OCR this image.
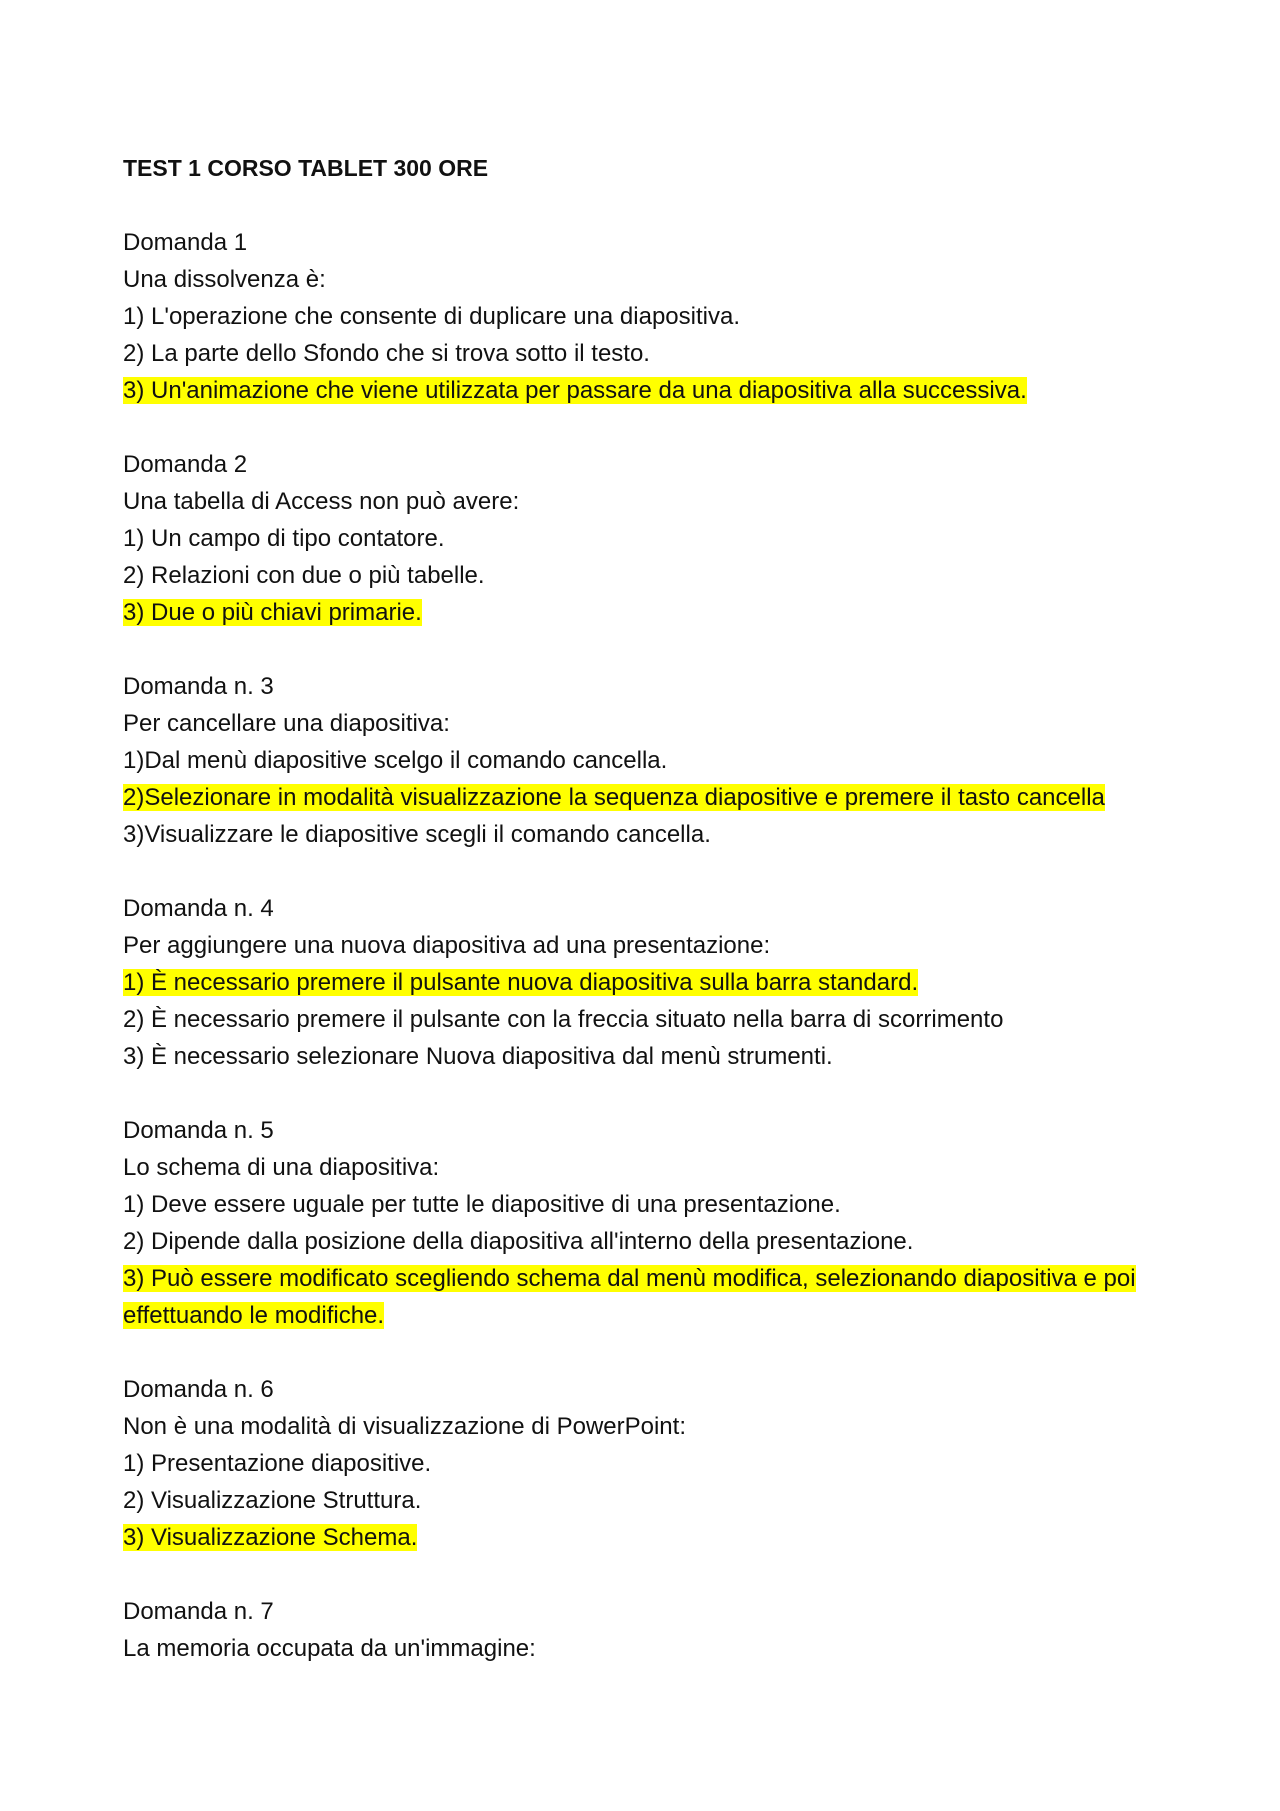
TEST 1 CORSO TABLET 300 ORE
Domanda 1
Una dissolvenza è:
1) L'operazione che consente di duplicare una diapositiva.
2) La parte dello Sfondo che si trova sotto il testo.
3) Un'animazione che viene utilizzata per passare da una diapositiva alla successiva.
Domanda 2
Una tabella di Access non può avere:
1) Un campo di tipo contatore.
2) Relazioni con due o più tabelle.
3) Due o più chiavi primarie.
Domanda n. 3
Per cancellare una diapositiva:
1)Dal menù diapositive scelgo il comando cancella.
2)Selezionare in modalità visualizzazione la sequenza diapositive e premere il tasto cancella
3)Visualizzare le diapositive scegli il comando cancella.
Domanda n. 4
Per aggiungere una nuova diapositiva ad una presentazione:
1) È necessario premere il pulsante nuova diapositiva sulla barra standard.
2) È necessario premere il pulsante con la freccia situato nella barra di scorrimento
3) È necessario selezionare Nuova diapositiva dal menù strumenti.
Domanda n. 5
Lo schema di una diapositiva:
1) Deve essere uguale per tutte le diapositive di una presentazione.
2) Dipende dalla posizione della diapositiva all'interno della presentazione.
3) Può essere modificato scegliendo schema dal menù modifica, selezionando diapositiva e poi effettuando le modifiche.
Domanda n. 6
Non è una modalità di visualizzazione di PowerPoint:
1) Presentazione diapositive.
2) Visualizzazione Struttura.
3) Visualizzazione Schema.
Domanda n. 7
La memoria occupata da un'immagine:
